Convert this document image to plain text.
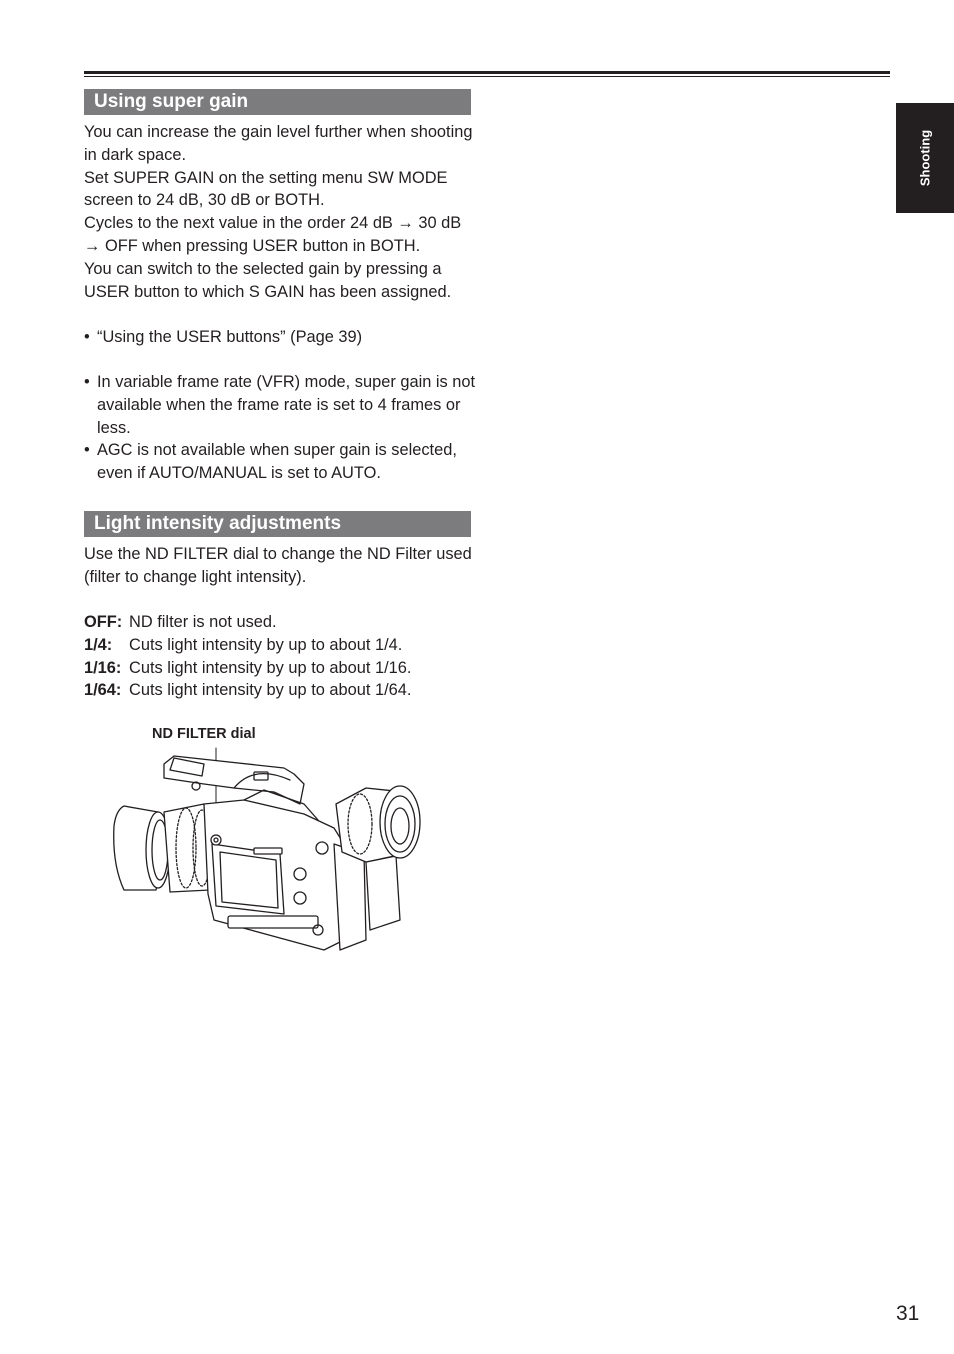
Shooting
Using super gain

You can increase the gain level further when shooting in dark space.

Set SUPER GAIN on the setting menu SW MODE screen to 24 dB, 30 dB or BOTH.

Cycles to the next value in the order 24 dB → 30 dB → OFF when pressing USER button in BOTH.

You can switch to the selected gain by pressing a USER button to which S GAIN has been assigned.

• “Using the USER buttons” (Page 39)
• In variable frame rate (VFR) mode, super gain is not available when the frame rate is set to 4 frames or less.
• AGC is not available when super gain is selected, even if AUTO/MANUAL is set to AUTO.
Light intensity adjustments

Use the ND FILTER dial to change the ND Filter used (filter to change light intensity).

OFF: ND filter is not used.
1/4:	Cuts light intensity by up to about 1/4.
1/16: Cuts light intensity by up to about 1/16.
1/64: Cuts light intensity by up to about 1/64.
ND FILTER dial
31
